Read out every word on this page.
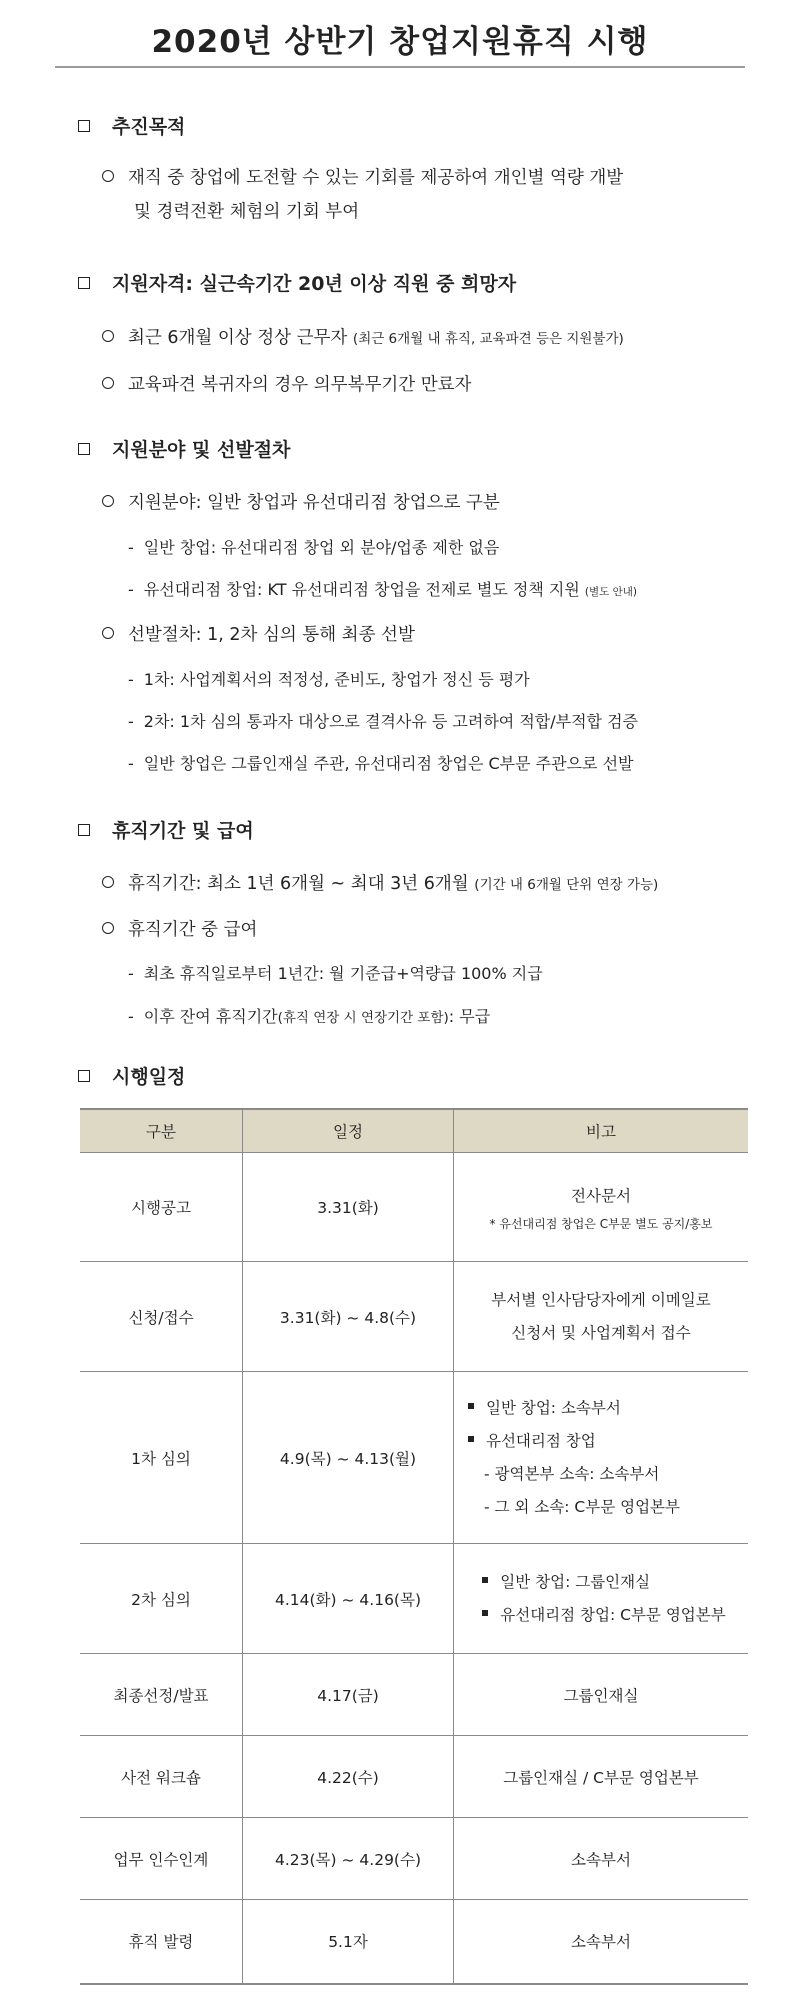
2020년 상반기 창업지원휴직 시행
추진목적
재직 중 창업에 도전할 수 있는 기회를 제공하여 개인별 역량 개발
및 경력전환 체험의 기회 부여
지원자격: 실근속기간 20년 이상 직원 중 희망자
최근 6개월 이상 정상 근무자 (최근 6개월 내 휴직, 교육파견 등은 지원불가)
교육파견 복귀자의 경우 의무복무기간 만료자
지원분야 및 선발절차
지원분야: 일반 창업과 유선대리점 창업으로 구분
- 일반 창업: 유선대리점 창업 외 분야/업종 제한 없음
- 유선대리점 창업: KT 유선대리점 창업을 전제로 별도 정책 지원 (별도 안내)
선발절차: 1, 2차 심의 통해 최종 선발
- 1차: 사업계획서의 적정성, 준비도, 창업가 정신 등 평가
- 2차: 1차 심의 통과자 대상으로 결격사유 등 고려하여 적합/부적합 검증
- 일반 창업은 그룹인재실 주관, 유선대리점 창업은 C부문 주관으로 선발
휴직기간 및 급여
휴직기간: 최소 1년 6개월 ~ 최대 3년 6개월 (기간 내 6개월 단위 연장 가능)
휴직기간 중 급여
- 최초 휴직일로부터 1년간: 월 기준급+역량급 100% 지급
- 이후 잔여 휴직기간(휴직 연장 시 연장기간 포함): 무급
시행일정
구분	일정	비고
시행공고	3.31(화)	전사문서
* 유선대리점 창업은 C부문 별도 공지/홍보

신청/접수	3.31(화) ~ 4.8(수)	부서별 인사담당자에게 이메일로
신청서 및 사업계획서 접수

1차 심의	4.9(목) ~ 4.13(월)	일반 창업: 소속부서
유선대리점 창업
- 광역본부 소속: 소속부서
- 그 외 소속: C부문 영업본부

2차 심의	4.14(화) ~ 4.16(목)	일반 창업: 그룹인재실
유선대리점 창업: C부문 영업본부

최종선정/발표	4.17(금)	그룹인재실
사전 워크숍	4.22(수)	그룹인재실 / C부문 영업본부
업무 인수인계	4.23(목) ~ 4.29(수)	소속부서
휴직 발령	5.1자	소속부서
